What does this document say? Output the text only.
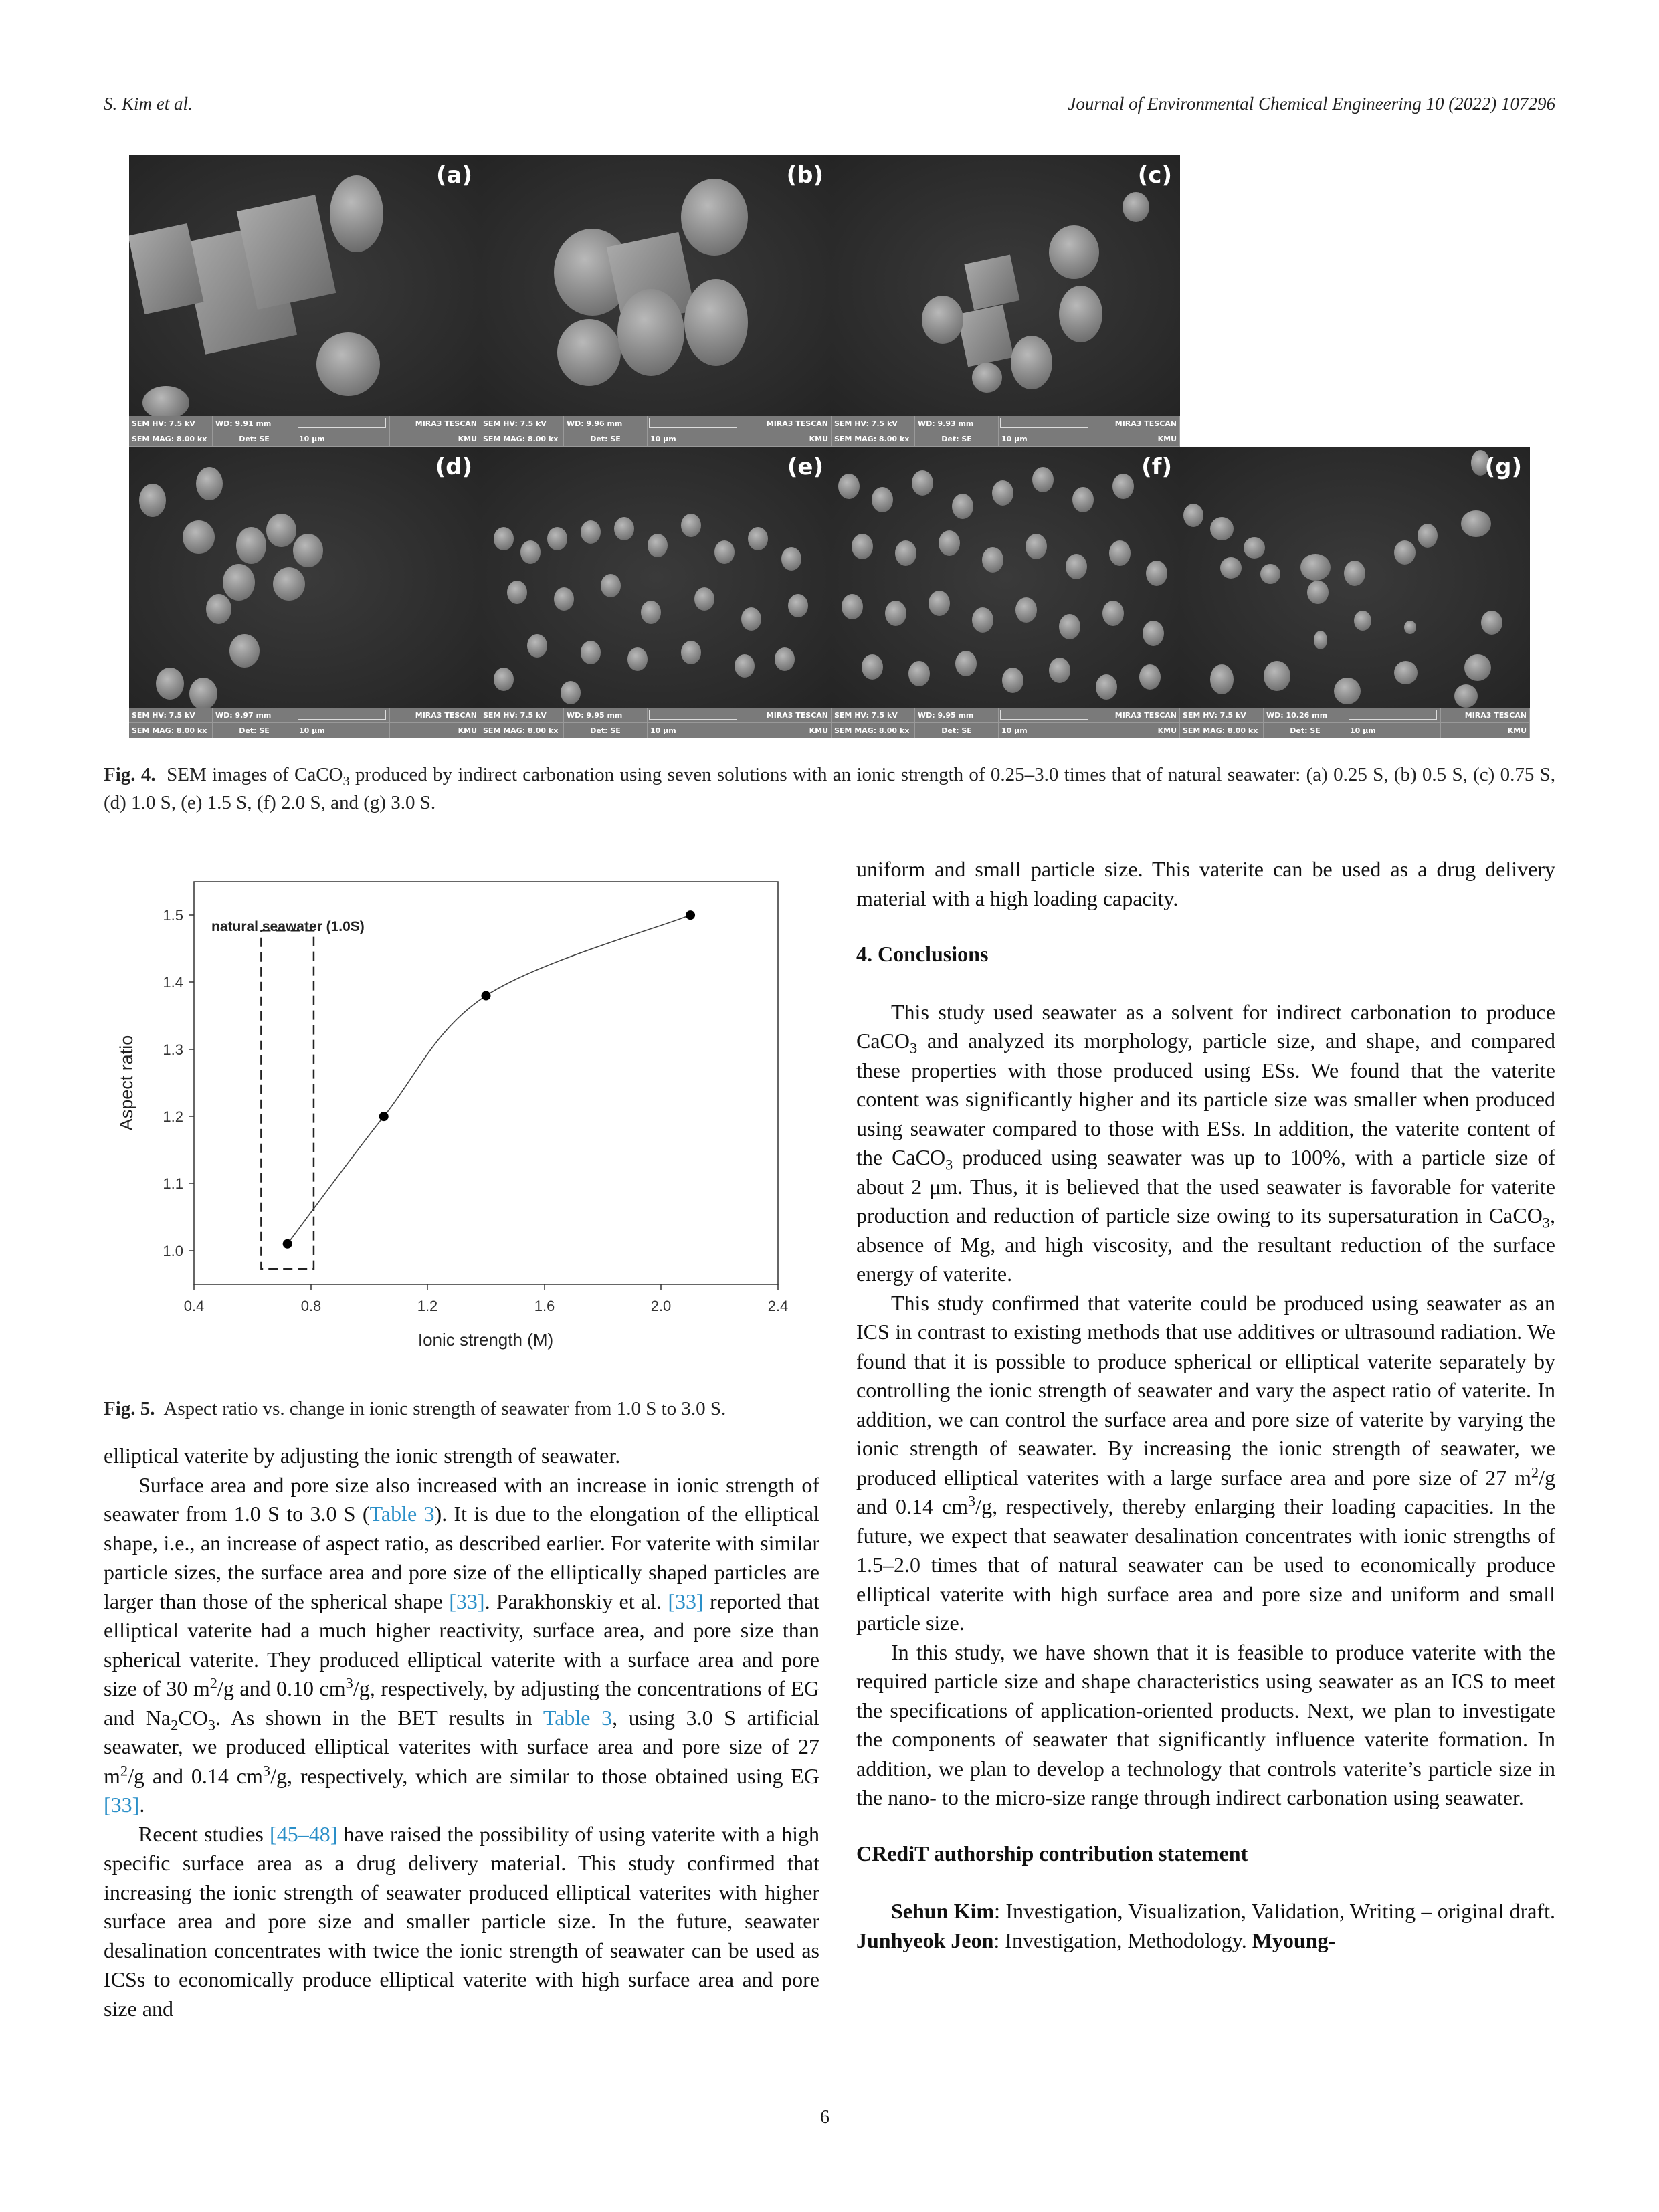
S. Kim et al.	Journal of Environmental Chemical Engineering 10 (2022) 107296
(a)
SEM HV: 7.5 kV	WD: 9.91 mm	MIRA3 TESCAN
SEM MAG: 8.00 kx	Det: SE	10 μm	KMU
(b)
SEM HV: 7.5 kV	WD: 9.96 mm	MIRA3 TESCAN
SEM MAG: 8.00 kx	Det: SE	10 μm	KMU
(c)
SEM HV: 7.5 kV	WD: 9.93 mm	MIRA3 TESCAN
SEM MAG: 8.00 kx	Det: SE	10 μm	KMU
(d)
SEM HV: 7.5 kV	WD: 9.97 mm	MIRA3 TESCAN
SEM MAG: 8.00 kx	Det: SE	10 μm	KMU
(e)
SEM HV: 7.5 kV	WD: 9.95 mm	MIRA3 TESCAN
SEM MAG: 8.00 kx	Det: SE	10 μm	KMU
(f)
SEM HV: 7.5 kV	WD: 9.95 mm	MIRA3 TESCAN
SEM MAG: 8.00 kx	Det: SE	10 μm	KMU
(g)
SEM HV: 7.5 kV	WD: 10.26 mm	MIRA3 TESCAN
SEM MAG: 8.00 kx	Det: SE	10 μm	KMU
Fig. 4. SEM images of CaCO$_3$ produced by indirect carbonation using seven solutions with an ionic strength of 0.25–3.0 times that of natural seawater: (a) 0.25 S, (b) 0.5 S, (c) 0.75 S, (d) 1.0 S, (e) 1.5 S, (f) 2.0 S, and (g) 3.0 S.
1.5
1.4
1.3
1.2
1.1
1.0
0.4	0.8	1.2	1.6	2.0	2.4
Ionic strength (M)
Aspect ratio
natural seawater (1.0S)
Fig. 5. Aspect ratio vs. change in ionic strength of seawater from 1.0 S to 3.0 S.

elliptical vaterite by adjusting the ionic strength of seawater.

Surface area and pore size also increased with an increase in ionic strength of seawater from 1.0 S to 3.0 S (Table 3). It is due to the elongation of the elliptical shape, i.e., an increase of aspect ratio, as described earlier. For vaterite with similar particle sizes, the surface area and pore size of the elliptically shaped particles are larger than those of the spherical shape [33]. Parakhonskiy et al. [33] reported that elliptical vaterite had a much higher reactivity, surface area, and pore size than spherical vaterite. They produced elliptical vaterite with a surface area and pore size of 30 $m^2/g$ and 0.10 $cm^3/g$, respectively, by adjusting the concentrations of EG and $Na_2CO_3$. As shown in the BET results in Table 3, using 3.0 S artificial seawater, we produced elliptical vaterites with surface area and pore size of 27 $m^2/g$ and 0.14 $cm^3/g$, respectively, which are similar to those obtained using EG [33].

Recent studies [45–48] have raised the possibility of using vaterite with a high specific surface area as a drug delivery material. This study confirmed that increasing the ionic strength of seawater produced elliptical vaterites with higher surface area and pore size and smaller particle size. In the future, seawater desalination concentrates with twice the ionic strength of seawater can be used as ICSs to economically produce elliptical vaterite with high surface area and pore size and

uniform and small particle size. This vaterite can be used as a drug delivery material with a high loading capacity.

4. Conclusions

This study used seawater as a solvent for indirect carbonation to produce CaCO$_3$ and analyzed its morphology, particle size, and shape, and compared these properties with those produced using ESs. We found that the vaterite content was significantly higher and its particle size was smaller when produced using seawater compared to those with ESs. In addition, the vaterite content of the CaCO$_3$ produced using seawater was up to 100%, with a particle size of about 2 μm. Thus, it is believed that the used seawater is favorable for vaterite production and reduction of particle size owing to its supersaturation in CaCO$_3$, absence of Mg, and high viscosity, and the resultant reduction of the surface energy of vaterite.

This study confirmed that vaterite could be produced using seawater as an ICS in contrast to existing methods that use additives or ultrasound radiation. We found that it is possible to produce spherical or elliptical vaterite separately by controlling the ionic strength of seawater and vary the aspect ratio of vaterite. In addition, we can control the surface area and pore size of vaterite by varying the ionic strength of seawater. By increasing the ionic strength of seawater, we produced elliptical vaterites with a large surface area and pore size of 27 $m^2/g$ and 0.14 $cm^3/g$, respectively, thereby enlarging their loading capacities. In the future, we expect that seawater desalination concentrates with ionic strengths of 1.5–2.0 times that of natural seawater can be used to economically produce elliptical vaterite with high surface area and pore size and uniform and small particle size.

In this study, we have shown that it is feasible to produce vaterite with the required particle size and shape characteristics using seawater as an ICS to meet the specifications of application-oriented products. Next, we plan to investigate the components of seawater that significantly influence vaterite formation. In addition, we plan to develop a technology that controls vaterite’s particle size in the nano- to the micro-size range through indirect carbonation using seawater.

CRediT authorship contribution statement

Sehun Kim: Investigation, Visualization, Validation, Writing – original draft. Junhyeok Jeon: Investigation, Methodology. Myoung-

6
